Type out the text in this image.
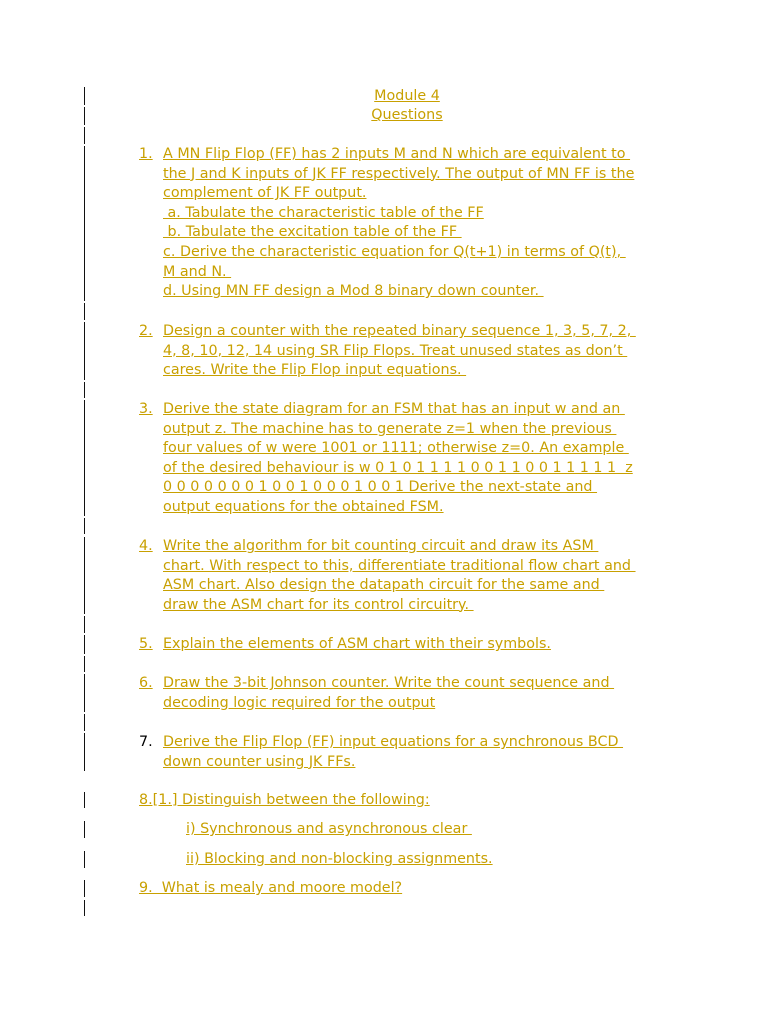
Module 4
Questions
1. A MN Flip Flop (FF) has 2 inputs M and N which are equivalent to
the J and K inputs of JK FF respectively. The output of MN FF is the
complement of JK FF output.
a. Tabulate the characteristic table of the FF
b. Tabulate the excitation table of the FF
c. Derive the characteristic equation for Q(t+1) in terms of Q(t),
M and N.
d. Using MN FF design a Mod 8 binary down counter.
2. Design a counter with the repeated binary sequence 1, 3, 5, 7, 2,
4, 8, 10, 12, 14 using SR Flip Flops. Treat unused states as don’t
cares. Write the Flip Flop input equations.
3. Derive the state diagram for an FSM that has an input w and an
output z. The machine has to generate z=1 when the previous
four values of w were 1001 or 1111; otherwise z=0. An example
of the desired behaviour is w 0 1 0 1 1 1 1 0 0 1 1 0 0 1 1 1 1 1  z
0 0 0 0 0 0 0 1 0 0 1 0 0 0 1 0 0 1 Derive the next-state and
output equations for the obtained FSM.
4. Write the algorithm for bit counting circuit and draw its ASM
chart. With respect to this, differentiate traditional flow chart and
ASM chart. Also design the datapath circuit for the same and
draw the ASM chart for its control circuitry.
5. Explain the elements of ASM chart with their symbols.
6. Draw the 3-bit Johnson counter. Write the count sequence and
decoding logic required for the output
7. Derive the Flip Flop (FF) input equations for a synchronous BCD
down counter using JK FFs.
8.[1.] Distinguish between the following:
i) Synchronous and asynchronous clear
ii) Blocking and non-blocking assignments.
9.  What is mealy and moore model?
